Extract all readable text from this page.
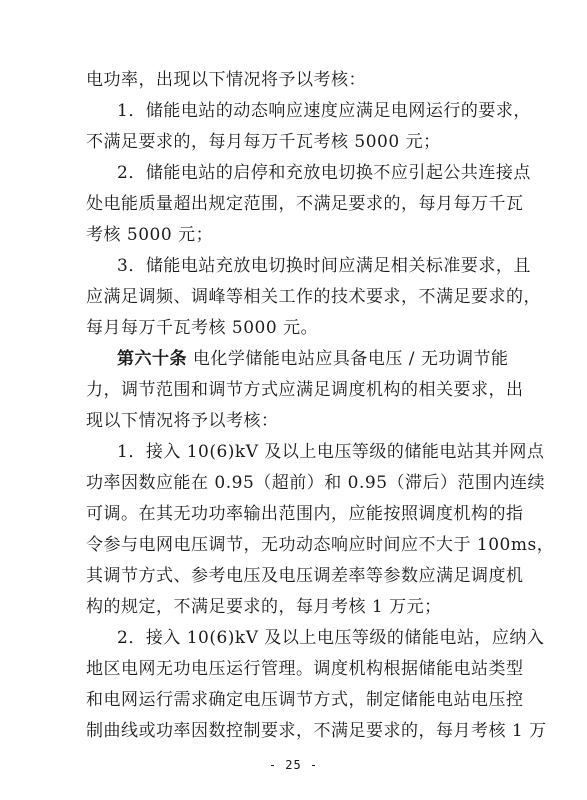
电功率，出现以下情况将予以考核：
1．储能电站的动态响应速度应满足电网运行的要求，
不满足要求的，每月每万千瓦考核 5000 元；
2．储能电站的启停和充放电切换不应引起公共连接点
处电能质量超出规定范围，不满足要求的，每月每万千瓦
考核 5000 元；
3．储能电站充放电切换时间应满足相关标准要求，且
应满足调频、调峰等相关工作的技术要求，不满足要求的，
每月每万千瓦考核 5000 元。
第六十条 电化学储能电站应具备电压 / 无功调节能
力，调节范围和调节方式应满足调度机构的相关要求，出
现以下情况将予以考核：
1．接入 10(6)kV 及以上电压等级的储能电站其并网点
功率因数应能在 0.95（超前）和 0.95（滞后）范围内连续
可调。在其无功功率输出范围内，应能按照调度机构的指
令参与电网电压调节，无功动态响应时间应不大于 100ms，
其调节方式、参考电压及电压调差率等参数应满足调度机
构的规定，不满足要求的，每月考核 1 万元；
2．接入 10(6)kV 及以上电压等级的储能电站，应纳入
地区电网无功电压运行管理。调度机构根据储能电站类型
和电网运行需求确定电压调节方式，制定储能电站电压控
制曲线或功率因数控制要求，不满足要求的，每月考核 1 万
- 25 -
